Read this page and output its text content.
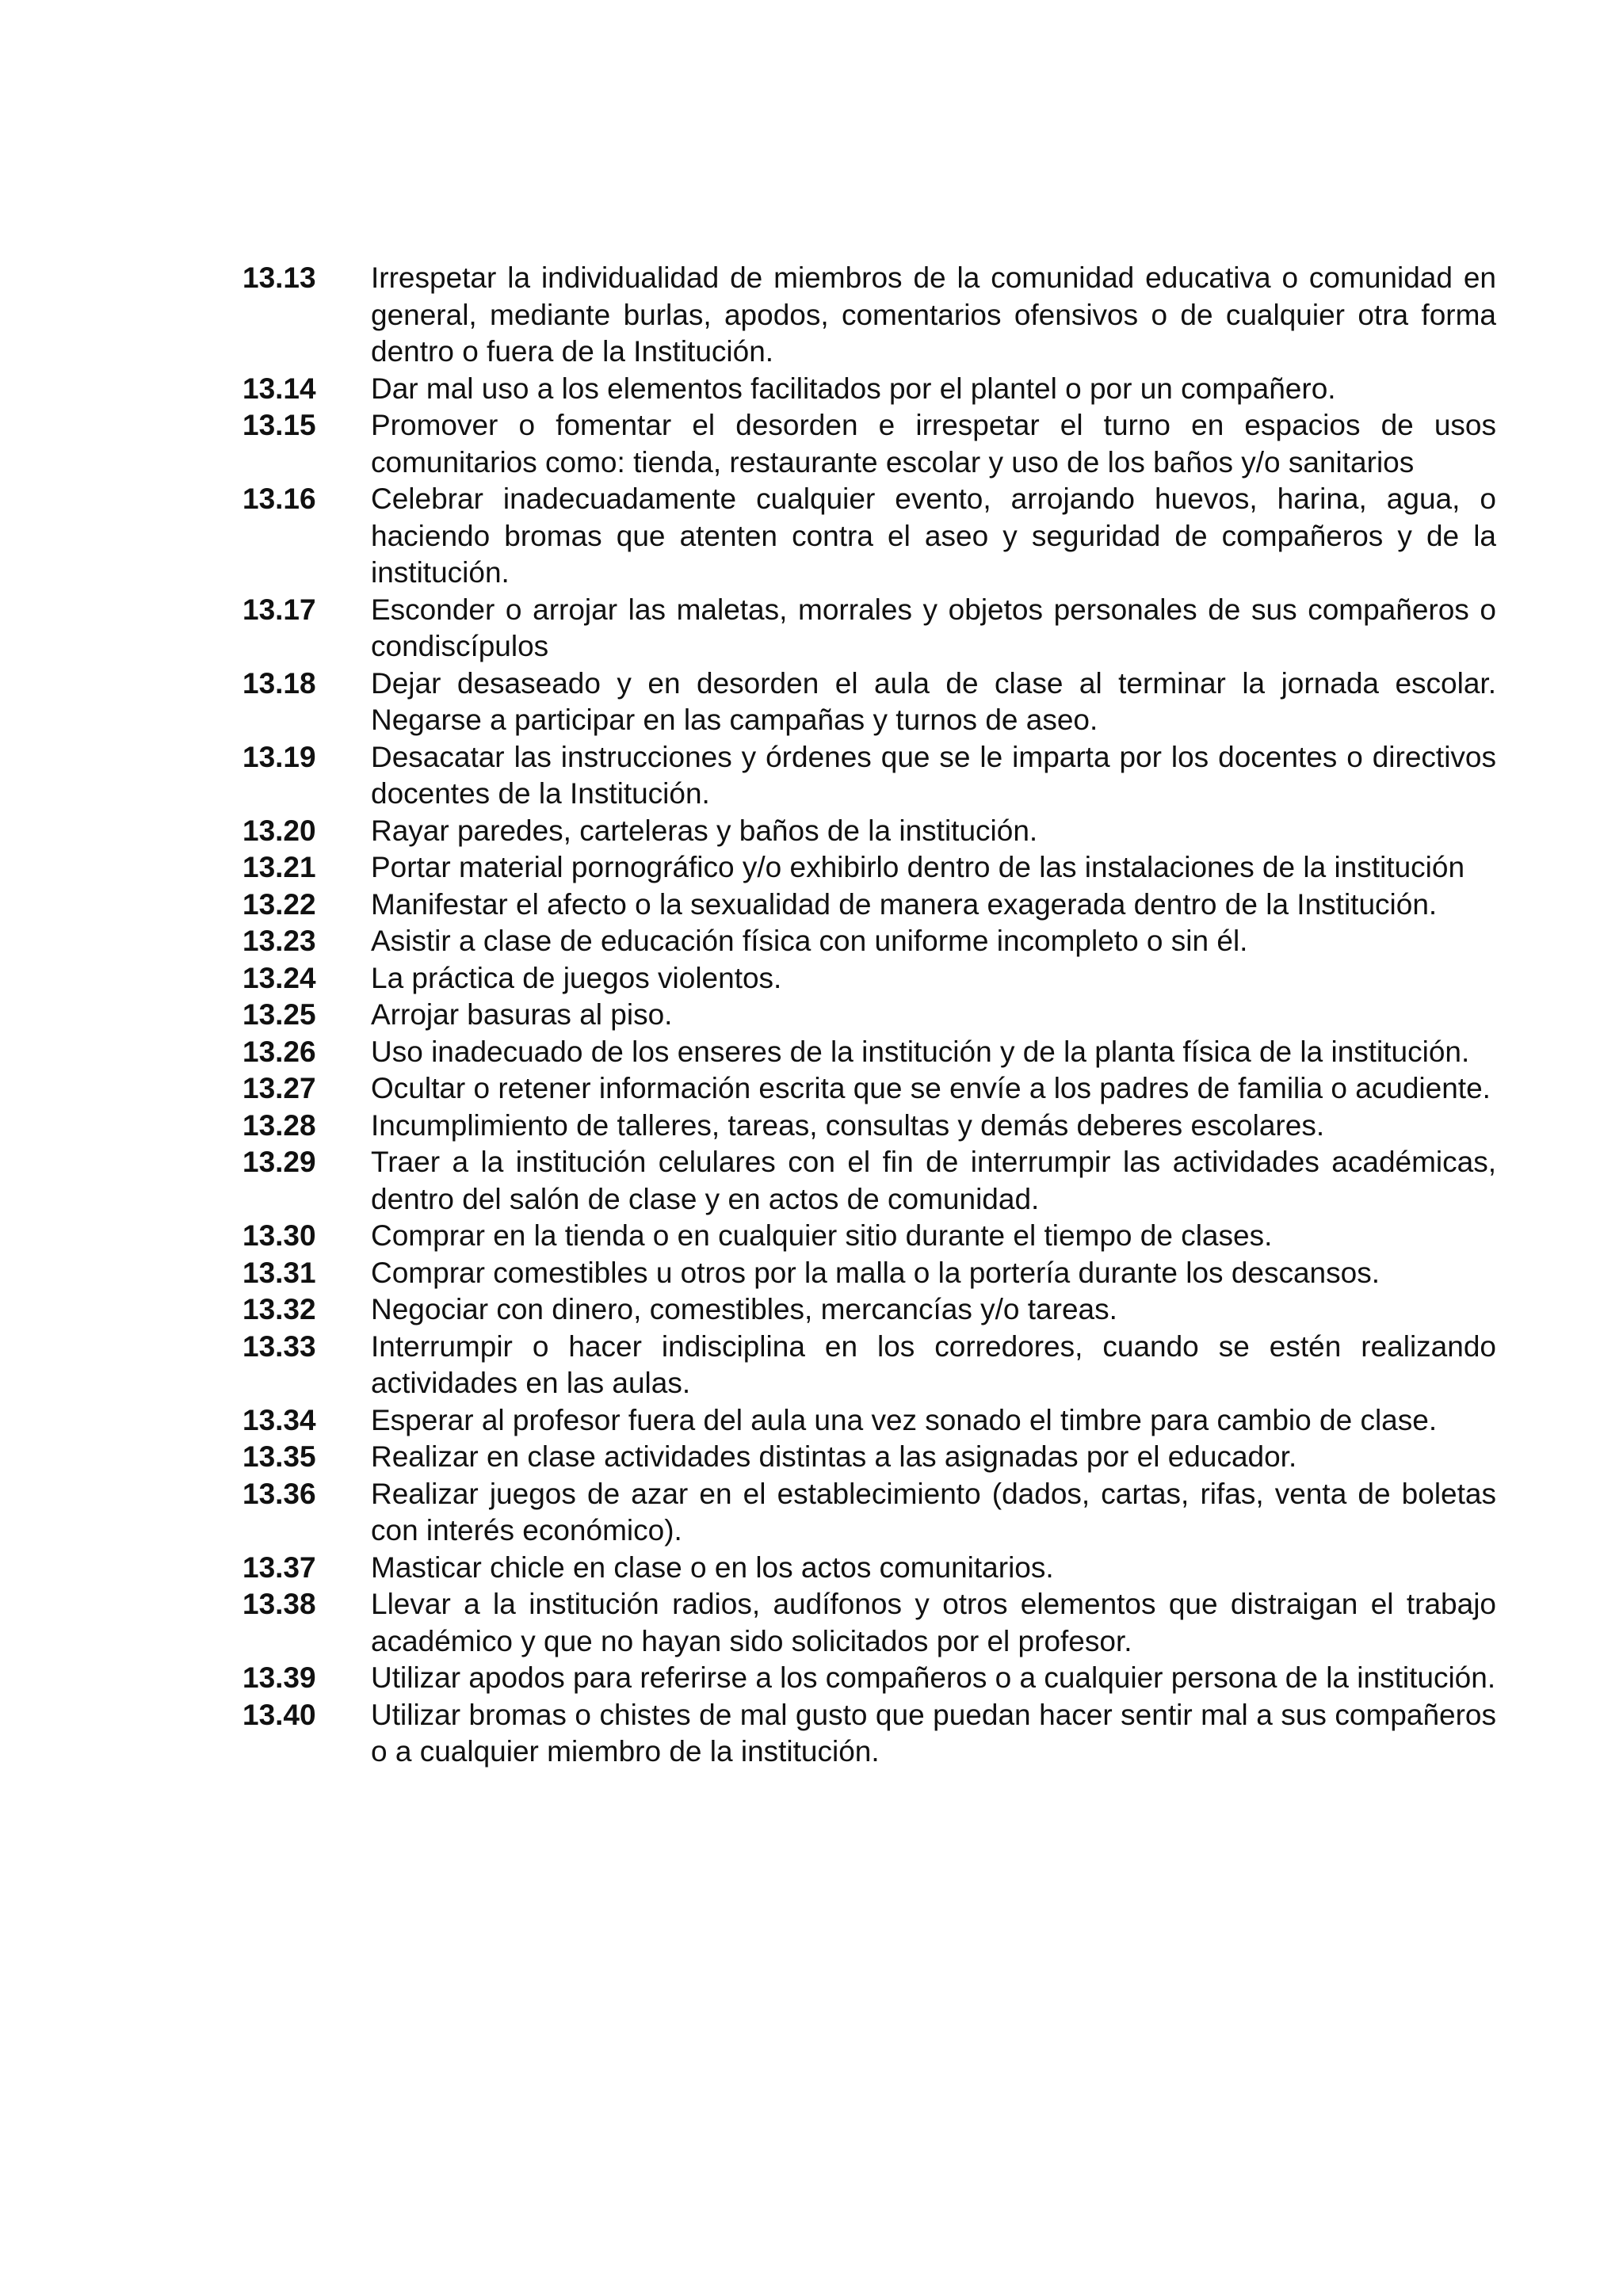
13.13	Irrespetar la individualidad de miembros de la comunidad educativa o comunidad en general, mediante burlas, apodos, comentarios ofensivos o de cualquier otra forma dentro o fuera de la Institución.
13.14	Dar mal uso a los elementos facilitados por el plantel o por un compañero.
13.15	Promover o fomentar el desorden e irrespetar el turno en espacios de usos comunitarios como: tienda, restaurante escolar y uso de los baños y/o sanitarios
13.16	Celebrar inadecuadamente cualquier evento, arrojando huevos, harina, agua, o haciendo bromas que atenten contra el aseo y seguridad de compañeros y de la institución.
13.17	Esconder o arrojar las maletas, morrales y objetos personales de sus compañeros o condiscípulos
13.18	Dejar desaseado y en desorden el aula de clase al terminar la jornada escolar. Negarse a participar en las campañas y turnos de aseo.
13.19	Desacatar las instrucciones y órdenes que se le imparta por los docentes o directivos docentes de la Institución.
13.20	Rayar paredes, carteleras y baños de la institución.
13.21	Portar material pornográfico y/o exhibirlo dentro de las instalaciones de la institución
13.22	Manifestar el afecto o la sexualidad de manera exagerada dentro de la Institución.
13.23	Asistir a clase de educación física con uniforme incompleto o sin él.
13.24	La práctica de juegos violentos.
13.25	Arrojar basuras al piso.
13.26	Uso inadecuado de los enseres de la institución y de la planta física de la institución.
13.27	Ocultar o retener información escrita que se envíe a los padres de familia o acudiente.
13.28	Incumplimiento de talleres, tareas, consultas y demás deberes escolares.
13.29	Traer a la institución celulares con el fin de interrumpir las actividades académicas, dentro del salón de clase y en actos de comunidad.
13.30	Comprar en la tienda o en cualquier sitio durante el tiempo de clases.
13.31	Comprar comestibles u otros por la malla o la portería durante los descansos.
13.32	Negociar con dinero, comestibles, mercancías y/o tareas.
13.33	Interrumpir o hacer indisciplina en los corredores, cuando se estén realizando actividades en las aulas.
13.34	Esperar al profesor fuera del aula una vez sonado el timbre para cambio de clase.
13.35	Realizar en clase actividades distintas a las asignadas por el educador.
13.36	Realizar juegos de azar en el establecimiento (dados, cartas, rifas, venta de boletas con interés económico).
13.37	Masticar chicle en clase o en los actos comunitarios.
13.38	Llevar a la institución radios, audífonos y otros elementos que distraigan el trabajo académico y que no hayan sido solicitados por el profesor.
13.39	Utilizar apodos para referirse a los compañeros o a cualquier persona de la institución.
13.40	Utilizar bromas o chistes de mal gusto que puedan hacer sentir mal a sus compañeros o a cualquier miembro de la institución.
